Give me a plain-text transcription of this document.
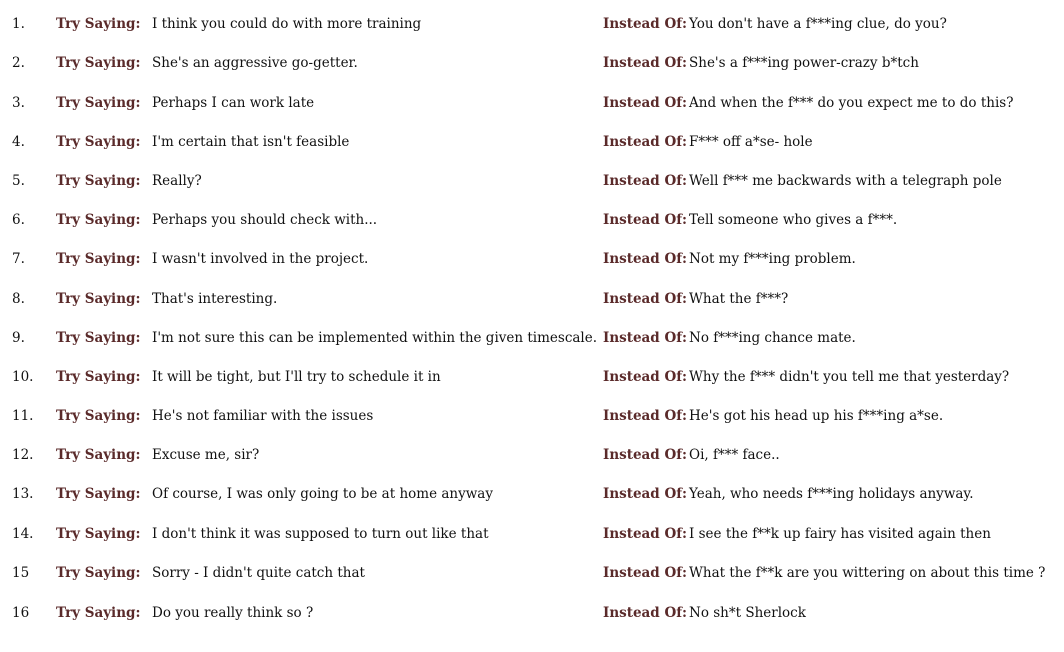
1. Try Saying: I think you could do with more training	Instead Of: You don't have a f***ing clue, do you?
2. Try Saying: She's an aggressive go-getter.	Instead Of: She's a f***ing power-crazy b*tch
3. Try Saying: Perhaps I can work late	Instead Of: And when the f*** do you expect me to do this?
4. Try Saying: I'm certain that isn't feasible	Instead Of: F*** off a*se- hole
5. Try Saying: Really?	Instead Of: Well f*** me backwards with a telegraph pole
6. Try Saying: Perhaps you should check with...	Instead Of: Tell someone who gives a f***.
7. Try Saying: I wasn't involved in the project.	Instead Of: Not my f***ing problem.
8. Try Saying: That's interesting.	Instead Of: What the f***?
9. Try Saying: I'm not sure this can be implemented within the given timescale. Instead Of: No f***ing chance mate.
10. Try Saying: It will be tight, but I'll try to schedule it in	Instead Of: Why the f*** didn't you tell me that yesterday?
11. Try Saying: He's not familiar with the issues	Instead Of: He's got his head up his f***ing a*se.
12. Try Saying: Excuse me, sir?	Instead Of: Oi, f*** face..
13. Try Saying: Of course, I was only going to be at home anyway	Instead Of: Yeah, who needs f***ing holidays anyway.
14. Try Saying: I don't think it was supposed to turn out like that	Instead Of: I see the f**k up fairy has visited again then
15 Try Saying: Sorry - I didn't quite catch that	Instead Of: What the f**k are you wittering on about this time ?
16 Try Saying: Do you really think so ?	Instead Of: No sh*t Sherlock
